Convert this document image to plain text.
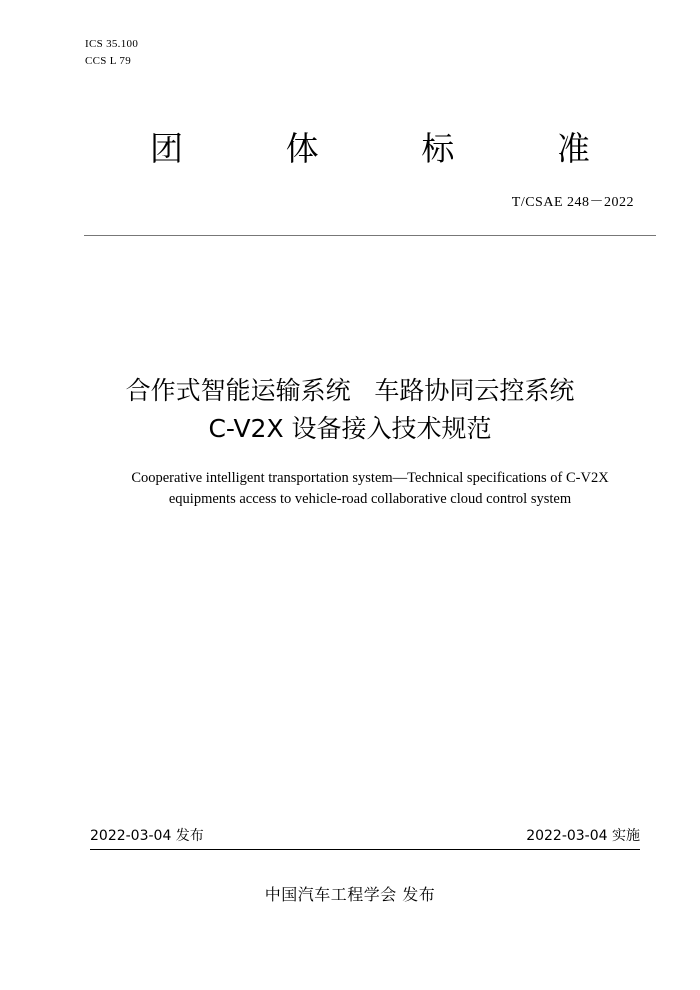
ICS 35.100
CCS L 79
团	体	标	准
T/CSAE 248－2022
合作式智能运输系统   车路协同云控系统
C-V2X 设备接入技术规范
Cooperative intelligent transportation system—Technical specifications of C-V2X
equipments access to vehicle-road collaborative cloud control system
2022-03-04 发布	2022-03-04 实施
中国汽车工程学会 发布
